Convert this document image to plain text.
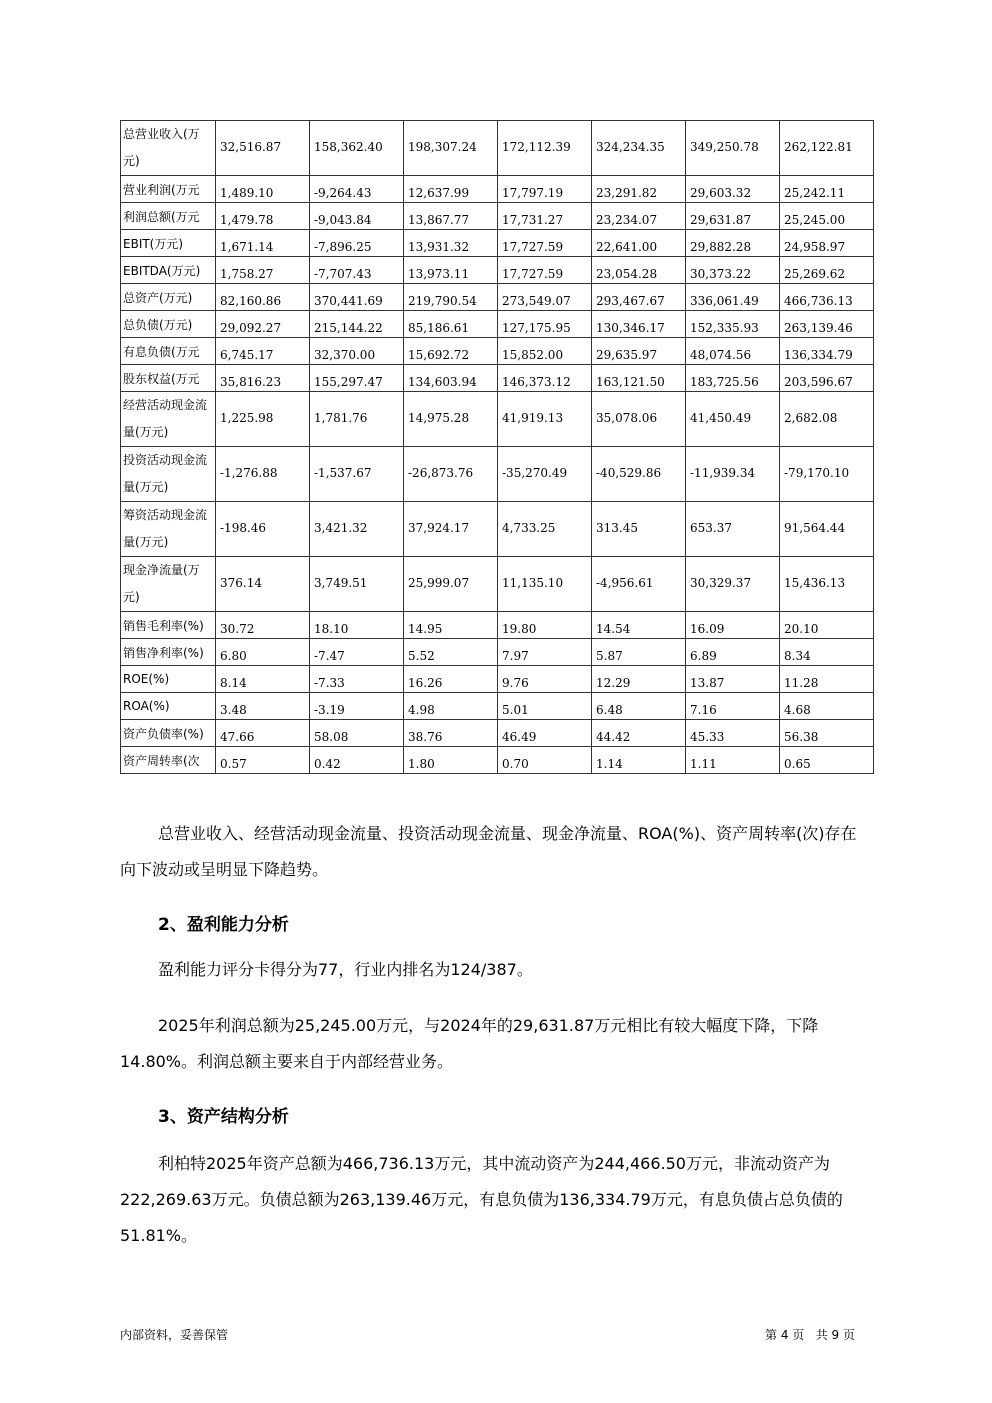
总营业收入(万元)	32,516.87	158,362.40	198,307.24	172,112.39	324,234.35	349,250.78	262,122.81
营业利润(万元	1,489.10	-9,264.43	12,637.99	17,797.19	23,291.82	29,603.32	25,242.11
利润总额(万元	1,479.78	-9,043.84	13,867.77	17,731.27	23,234.07	29,631.87	25,245.00
EBIT(万元)	1,671.14	-7,896.25	13,931.32	17,727.59	22,641.00	29,882.28	24,958.97
EBITDA(万元)	1,758.27	-7,707.43	13,973.11	17,727.59	23,054.28	30,373.22	25,269.62
总资产(万元)	82,160.86	370,441.69	219,790.54	273,549.07	293,467.67	336,061.49	466,736.13
总负债(万元)	29,092.27	215,144.22	85,186.61	127,175.95	130,346.17	152,335.93	263,139.46
有息负债(万元	6,745.17	32,370.00	15,692.72	15,852.00	29,635.97	48,074.56	136,334.79
股东权益(万元	35,816.23	155,297.47	134,603.94	146,373.12	163,121.50	183,725.56	203,596.67
经营活动现金流量(万元)	1,225.98	1,781.76	14,975.28	41,919.13	35,078.06	41,450.49	2,682.08
投资活动现金流量(万元)	-1,276.88	-1,537.67	-26,873.76	-35,270.49	-40,529.86	-11,939.34	-79,170.10
筹资活动现金流量(万元)	-198.46	3,421.32	37,924.17	4,733.25	313.45	653.37	91,564.44
现金净流量(万元)	376.14	3,749.51	25,999.07	11,135.10	-4,956.61	30,329.37	15,436.13
销售毛利率(%)	30.72	18.10	14.95	19.80	14.54	16.09	20.10
销售净利率(%)	6.80	-7.47	5.52	7.97	5.87	6.89	8.34
ROE(%)	8.14	-7.33	16.26	9.76	12.29	13.87	11.28
ROA(%)	3.48	-3.19	4.98	5.01	6.48	7.16	4.68
资产负债率(%)	47.66	58.08	38.76	46.49	44.42	45.33	56.38
资产周转率(次	0.57	0.42	1.80	0.70	1.14	1.11	0.65
总营业收入、经营活动现金流量、投资活动现金流量、现金净流量、ROA(%)、资产周转率(次)存在向下波动或呈明显下降趋势。
2、盈利能力分析
盈利能力评分卡得分为77，行业内排名为124/387。
2025年利润总额为25,245.00万元，与2024年的29,631.87万元相比有较大幅度下降，下降14.80%。利润总额主要来自于内部经营业务。
3、资产结构分析
利柏特2025年资产总额为466,736.13万元，其中流动资产为244,466.50万元，非流动资产为222,269.63万元。负债总额为263,139.46万元，有息负债为136,334.79万元，有息负债占总负债的51.81%。
内部资料，妥善保管	第 4 页   共 9 页
